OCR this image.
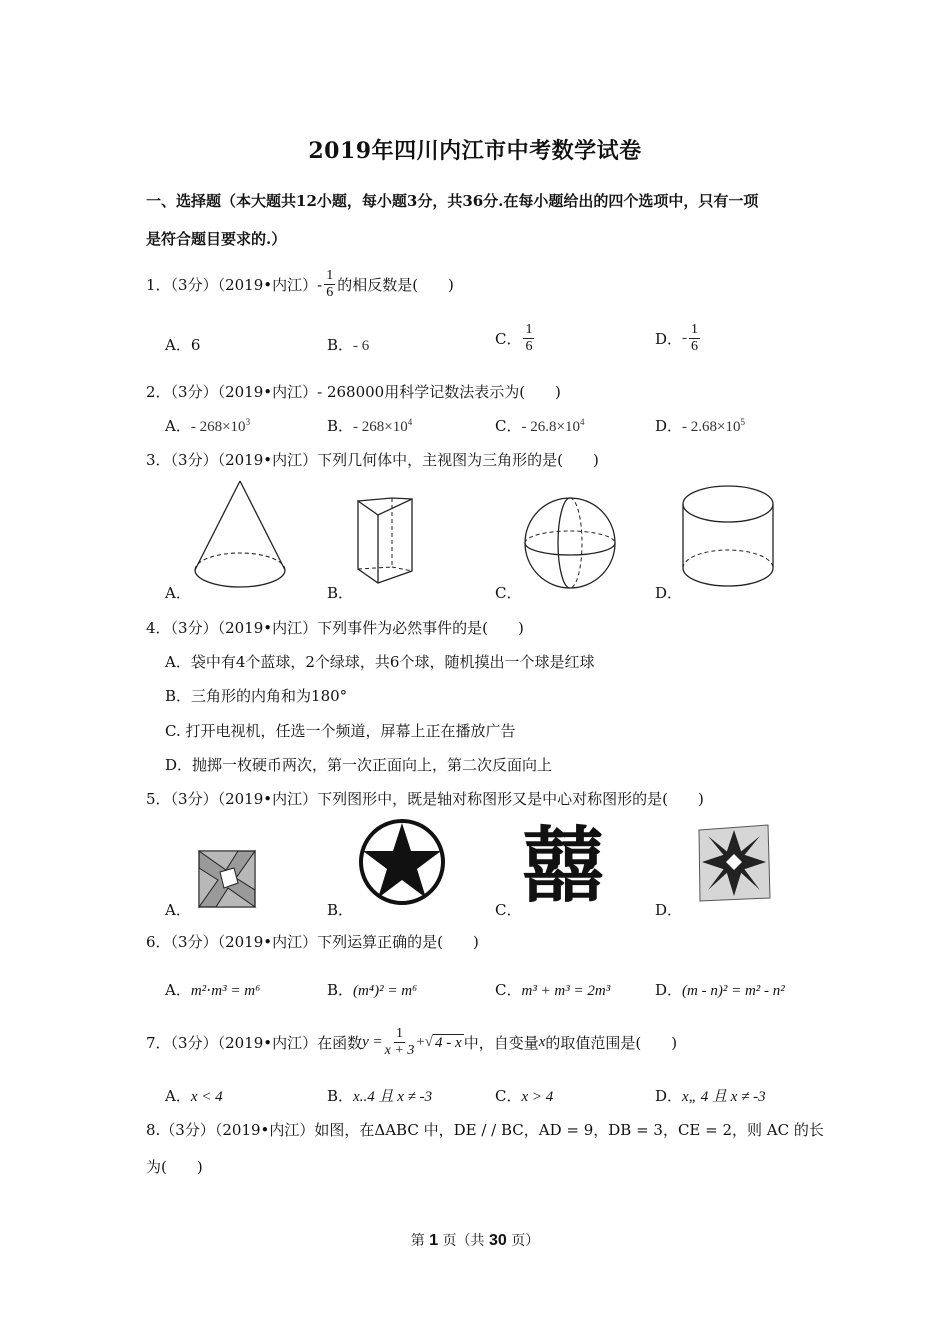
2019年四川内江市中考数学试卷
一、选择题（本大题共12小题，每小题3分，共36分.在每小题给出的四个选项中，只有一项
是符合题目要求的.）
1．（3分）（2019•内江）- $\frac{1}{6}$ 的相反数是(　　)
A．6	B．- 6	C． $\frac{1}{6}$	D． - $\frac{1}{6}$
2．（3分）（2019•内江）- 268000用科学记数法表示为(　　)
A．- $268\times 10^3$	B．- $268\times 10^4$	C．- $26.8\times 10^4$	D．- $2.68\times 10^5$
3．（3分）（2019•内江）下列几何体中，主视图为三角形的是(　　)
A．	B．	C．	D．
4．（3分）（2019•内江）下列事件为必然事件的是(　　)
A．袋中有4个蓝球，2个绿球，共6个球，随机摸出一个球是红球
B．三角形的内角和为180°
C. 打开电视机，任选一个频道，屏幕上正在播放广告
D．抛掷一枚硬币两次，第一次正面向上，第二次反面向上
5．（3分）（2019•内江）下列图形中，既是轴对称图形又是中心对称图形的是(　　)
囍
A．	B．	C．	D．
6．（3分）（2019•内江）下列运算正确的是(　　)
A．m²⋅m³ = m⁶	B．(m⁴)² = m⁶	C．m³ + m³ = 2m³	D．(m - n)² = m² - n²
7．（3分）（2019•内江）在函数 $y = \frac{1}{x + 3}$ + √ 4 - x 中，自变量 x 的取值范围是(　　)
A．x < 4	B．x..4 且 x ≠ -3	C．x > 4	D．x„ 4 且 x ≠ -3
8.（3分）（2019•内江）如图，在ΔABC 中，DE / / BC，AD = 9，DB = 3，CE = 2，则 AC 的长
为(　　)
第 1 页（共 30 页）
